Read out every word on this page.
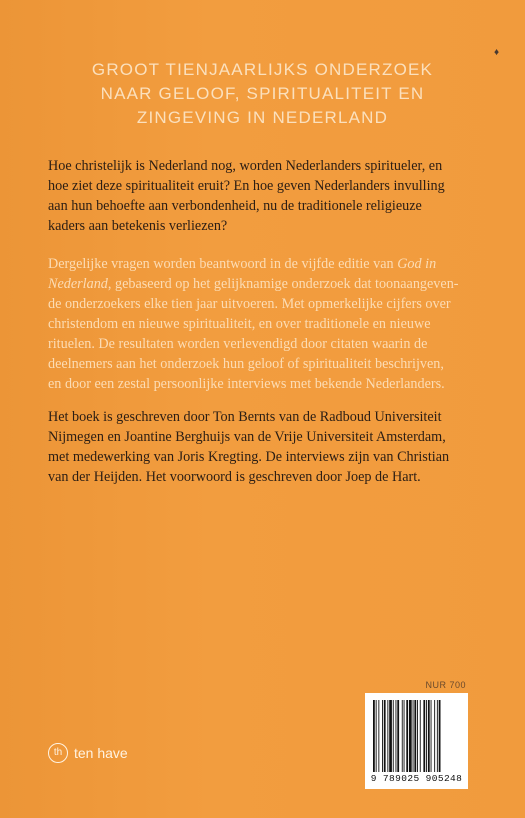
♦
GROOT TIENJAARLIJKS ONDERZOEK
NAAR GELOOF, SPIRITUALITEIT EN
ZINGEVING IN NEDERLAND
Hoe christelijk is Nederland nog, worden Nederlanders spiritueler, en
hoe ziet deze spiritualiteit eruit? En hoe geven Nederlanders invulling
aan hun behoefte aan verbondenheid, nu de traditionele religieuze
kaders aan betekenis verliezen?
Dergelijke vragen worden beantwoord in de vijfde editie van God in
Nederland, gebaseerd op het gelijknamige onderzoek dat toonaangeven-
de onderzoekers elke tien jaar uitvoeren. Met opmerkelijke cijfers over
christendom en nieuwe spiritualiteit, en over traditionele en nieuwe
rituelen. De resultaten worden verlevendigd door citaten waarin de
deelnemers aan het onderzoek hun geloof of spiritualiteit beschrijven,
en door een zestal persoonlijke interviews met bekende Nederlanders.
Het boek is geschreven door Ton Bernts van de Radboud Universiteit
Nijmegen en Joantine Berghuijs van de Vrije Universiteit Amsterdam,
met medewerking van Joris Kregting. De interviews zijn van Christian
van der Heijden. Het voorwoord is geschreven door Joep de Hart.
th ten have
NUR 700
9 789025 905248
